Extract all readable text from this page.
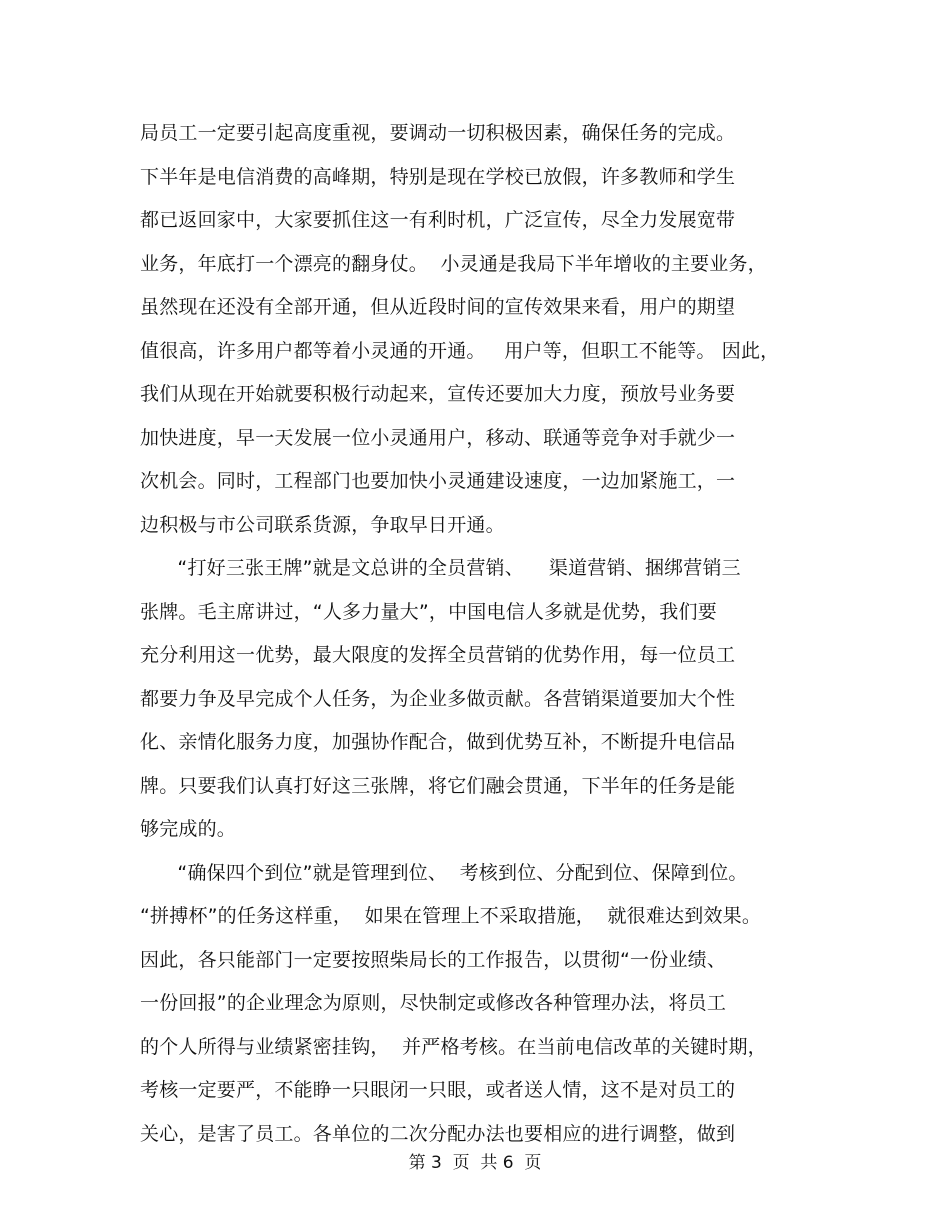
局员工一定要引起高度重视，要调动一切积极因素，确保任务的完成。
下半年是电信消费的高峰期，特别是现在学校已放假，许多教师和学生
都已返回家中，大家要抓住这一有利时机，广泛宣传，尽全力发展宽带
业务，年底打一个漂亮的翻身仗。  小灵通是我局下半年增收的主要业务，
虽然现在还没有全部开通，但从近段时间的宣传效果来看，用户的期望
值很高，许多用户都等着小灵通的开通。   用户等，但职工不能等。 因此，
我们从现在开始就要积极行动起来，宣传还要加大力度，预放号业务要
加快进度，早一天发展一位小灵通用户，移动、联通等竞争对手就少一
次机会。同时，工程部门也要加快小灵通建设速度，一边加紧施工，一
边积极与市公司联系货源，争取早日开通。
“打好三张王牌”就是文总讲的全员营销、    渠道营销、捆绑营销三
张牌。毛主席讲过，“人多力量大”，中国电信人多就是优势，我们要
充分利用这一优势，最大限度的发挥全员营销的优势作用，每一位员工
都要力争及早完成个人任务，为企业多做贡献。各营销渠道要加大个性
化、亲情化服务力度，加强协作配合，做到优势互补，不断提升电信品
牌。只要我们认真打好这三张牌，将它们融会贯通，下半年的任务是能
够完成的。
“确保四个到位”就是管理到位、  考核到位、分配到位、保障到位。
“拼搏杯”的任务这样重，  如果在管理上不采取措施，  就很难达到效果。
因此，各只能部门一定要按照柴局长的工作报告，以贯彻“一份业绩、
一份回报”的企业理念为原则，尽快制定或修改各种管理办法，将员工
的个人所得与业绩紧密挂钩，  并严格考核。在当前电信改革的关键时期，
考核一定要严，不能睁一只眼闭一只眼，或者送人情，这不是对员工的
关心，是害了员工。各单位的二次分配办法也要相应的进行调整，做到
第 3  页  共 6  页
